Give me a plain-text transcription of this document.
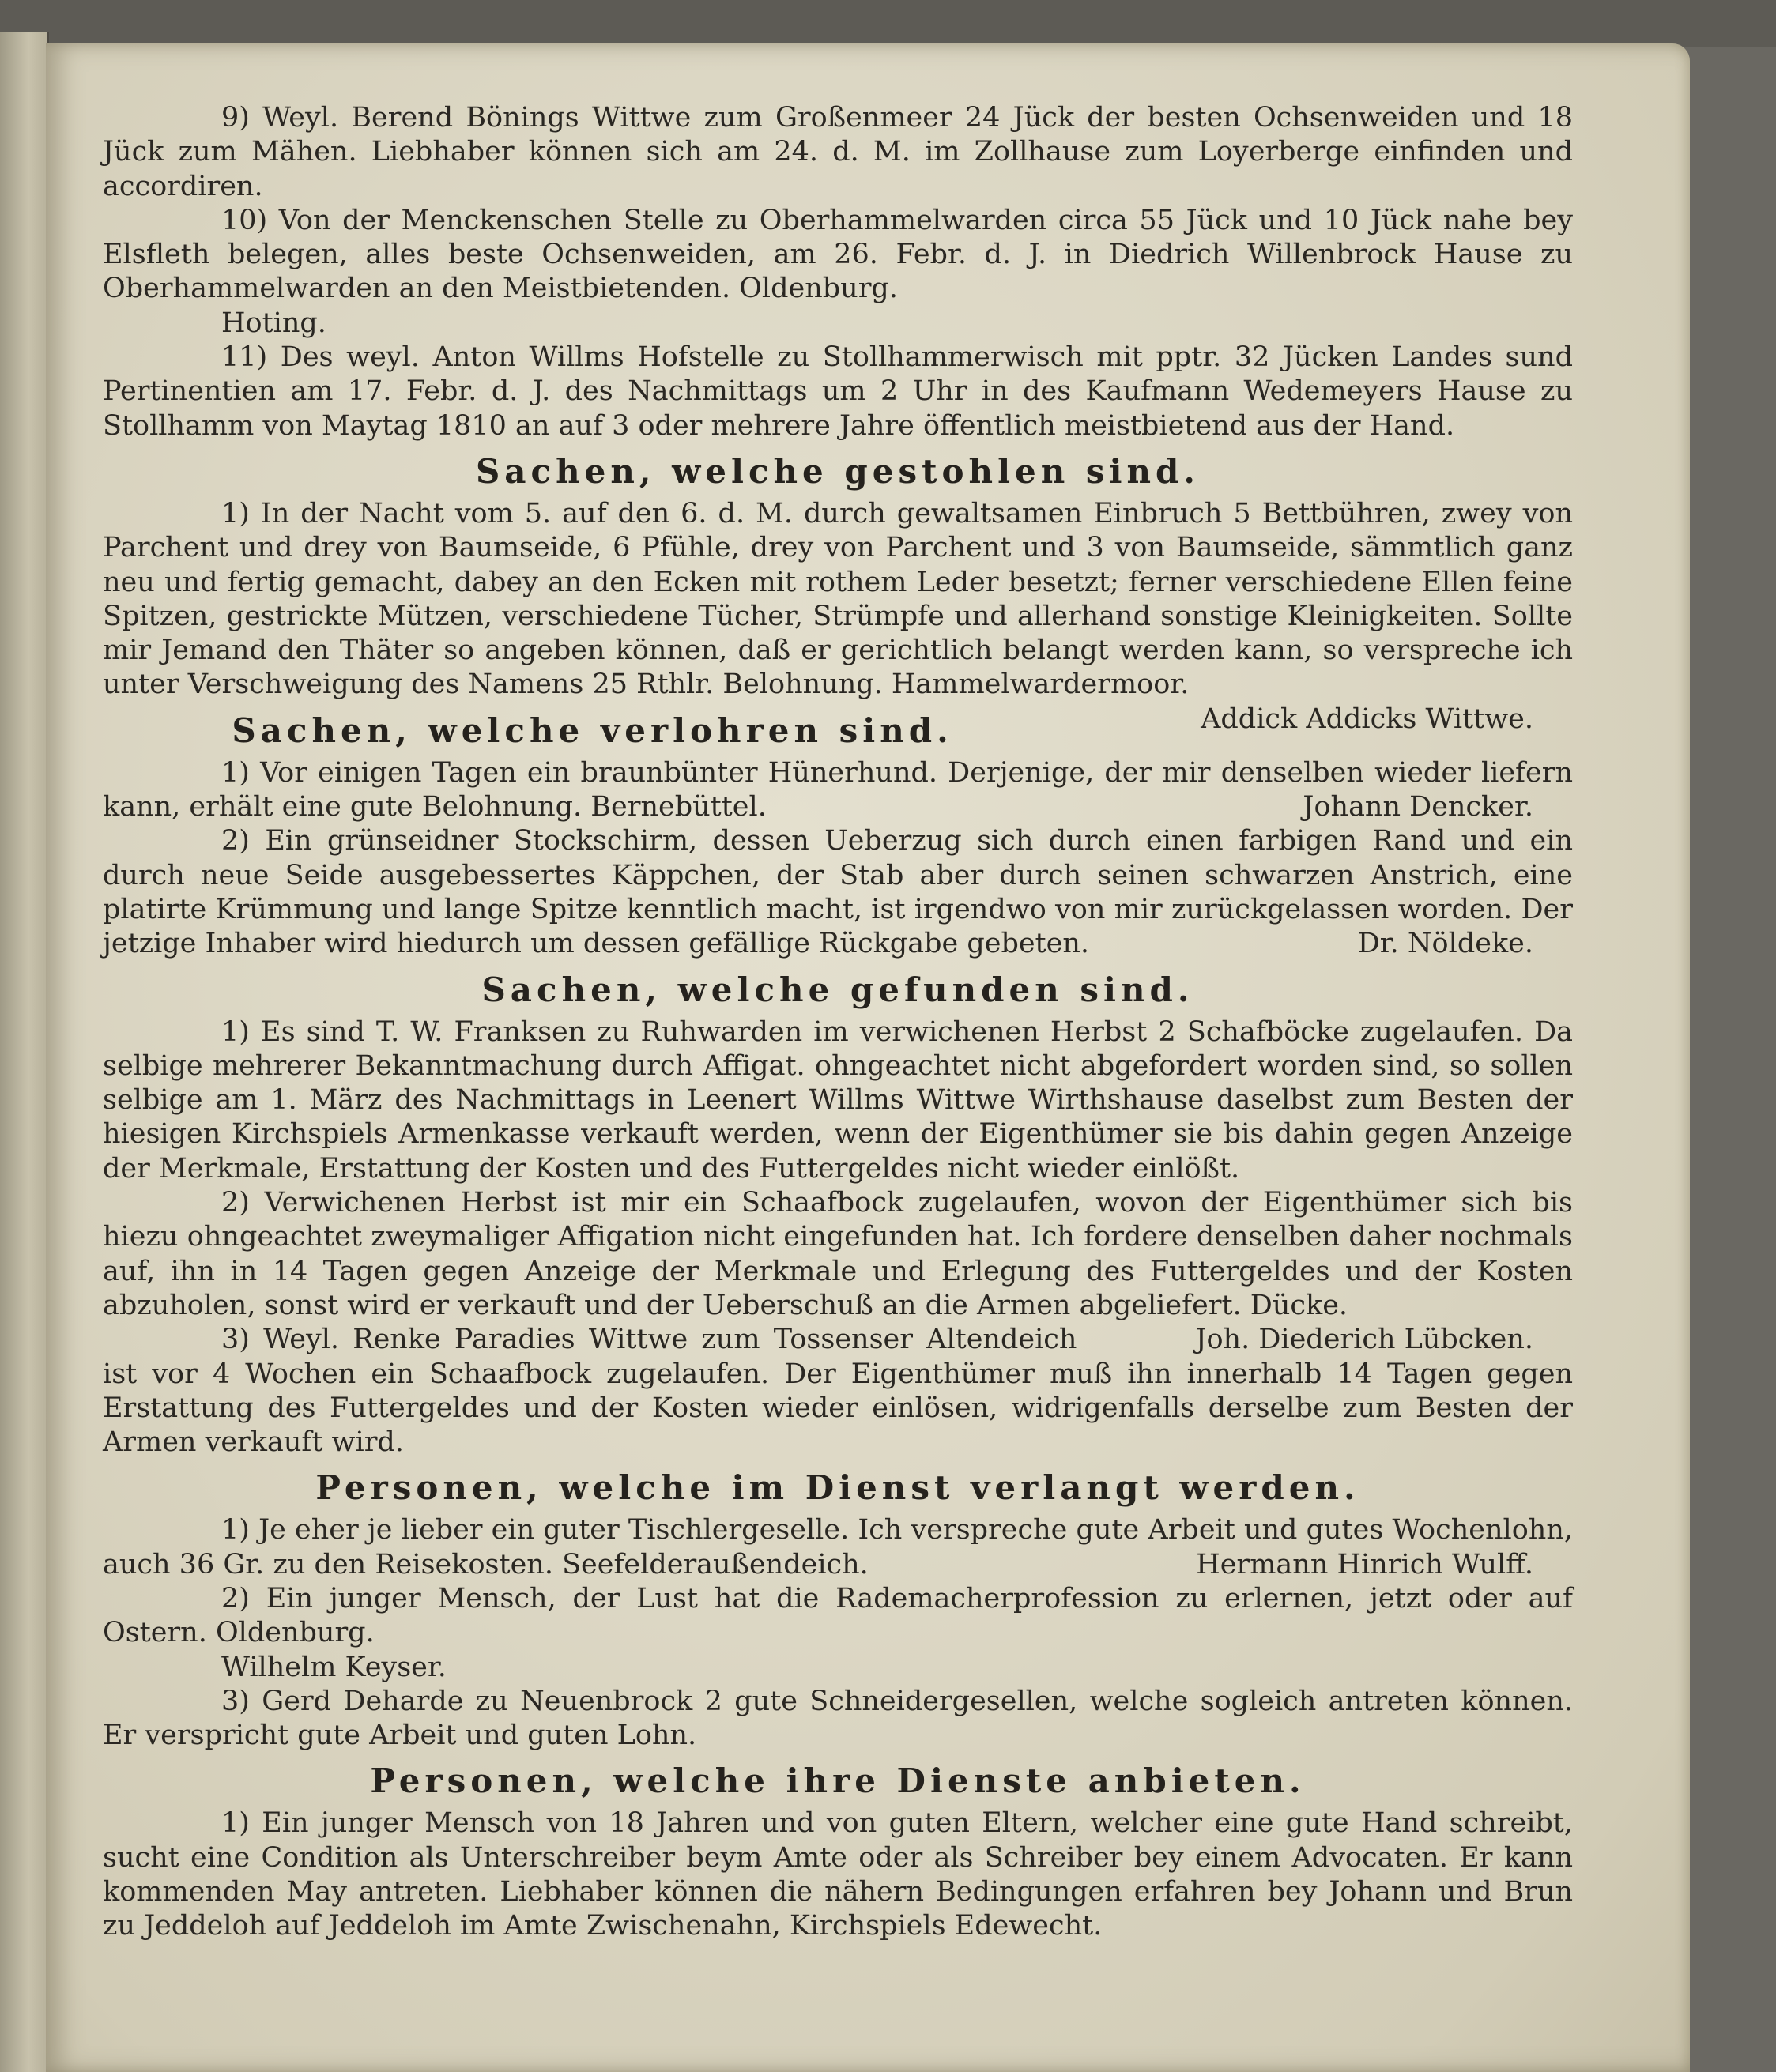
9) Weyl. Berend Bönings Wittwe zum Großenmeer 24 Jück der besten Ochsenweiden und 18 Jück zum Mähen. Liebhaber können sich am 24. d. M. im Zollhause zum Loyerberge einfinden und accordiren.

10) Von der Menckenschen Stelle zu Oberhammelwarden circa 55 Jück und 10 Jück nahe bey Elsfleth belegen, alles beste Ochsenweiden, am 26. Febr. d. J. in Diedrich Willenbrock Hause zu Oberhammelwarden an den Meistbietenden. Oldenburg.
Hoting.

11) Des weyl. Anton Willms Hofstelle zu Stollhammerwisch mit pptr. 32 Jücken Landes sund Pertinentien am 17. Febr. d. J. des Nachmittags um 2 Uhr in des Kaufmann Wedemeyers Hause zu Stollhamm von Maytag 1810 an auf 3 oder mehrere Jahre öffentlich meistbietend aus der Hand.

Sachen, welche gestohlen sind.

1) In der Nacht vom 5. auf den 6. d. M. durch gewaltsamen Einbruch 5 Bettbühren, zwey von Parchent und drey von Baumseide, 6 Pfühle, drey von Parchent und 3 von Baumseide, sämmtlich ganz neu und fertig gemacht, dabey an den Ecken mit rothem Leder besetzt; ferner verschiedene Ellen feine Spitzen, gestrickte Mützen, verschiedene Tücher, Strümpfe und allerhand sonstige Kleinigkeiten. Sollte mir Jemand den Thäter so angeben können, daß er gerichtlich belangt werden kann, so verspreche ich unter Verschweigung des Namens 25 Rthlr. Belohnung. Hammelwardermoor.
Addick Addicks Wittwe.

Sachen, welche verlohren sind.

1) Vor einigen Tagen ein braunbünter Hünerhund. Derjenige, der mir denselben wieder liefern kann, erhält eine gute Belohnung. Bernebüttel.	Johann Dencker.

2) Ein grünseidner Stockschirm, dessen Ueberzug sich durch einen farbigen Rand und ein durch neue Seide ausgebessertes Käppchen, der Stab aber durch seinen schwarzen Anstrich, eine platirte Krümmung und lange Spitze kenntlich macht, ist irgendwo von mir zurückgelassen worden. Der jetzige Inhaber wird hiedurch um dessen gefällige Rückgabe gebeten.	Dr. Nöldeke.

Sachen, welche gefunden sind.

1) Es sind T. W. Franksen zu Ruhwarden im verwichenen Herbst 2 Schafböcke zugelaufen. Da selbige mehrerer Bekanntmachung durch Affigat. ohngeachtet nicht abgefordert worden sind, so sollen selbige am 1. März des Nachmittags in Leenert Willms Wittwe Wirthshause daselbst zum Besten der hiesigen Kirchspiels Armenkasse verkauft werden, wenn der Eigenthümer sie bis dahin gegen Anzeige der Merkmale, Erstattung der Kosten und des Futtergeldes nicht wieder einlößt.

2) Verwichenen Herbst ist mir ein Schaafbock zugelaufen, wovon der Eigenthümer sich bis hiezu ohngeachtet zweymaliger Affigation nicht eingefunden hat. Ich fordere denselben daher nochmals auf, ihn in 14 Tagen gegen Anzeige der Merkmale und Erlegung des Futtergeldes und der Kosten abzuholen, sonst wird er verkauft und der Ueberschuß an die Armen abgeliefert. Dücke.
Joh. Diederich Lübcken.

3) Weyl. Renke Paradies Wittwe zum Tossenser Altendeich ist vor 4 Wochen ein Schaafbock zugelaufen. Der Eigenthümer muß ihn innerhalb 14 Tagen gegen Erstattung des Futtergeldes und der Kosten wieder einlösen, widrigenfalls derselbe zum Besten der Armen verkauft wird.

Personen, welche im Dienst verlangt werden.

1) Je eher je lieber ein guter Tischlergeselle. Ich verspreche gute Arbeit und gutes Wochenlohn, auch 36 Gr. zu den Reisekosten. Seefelderaußendeich.	Hermann Hinrich Wulff.

2) Ein junger Mensch, der Lust hat die Rademacherprofession zu erlernen, jetzt oder auf Ostern. Oldenburg.
Wilhelm Keyser.

3) Gerd Deharde zu Neuenbrock 2 gute Schneidergesellen, welche sogleich antreten können. Er verspricht gute Arbeit und guten Lohn.

Personen, welche ihre Dienste anbieten.

1) Ein junger Mensch von 18 Jahren und von guten Eltern, welcher eine gute Hand schreibt, sucht eine Condition als Unterschreiber beym Amte oder als Schreiber bey einem Advocaten. Er kann kommenden May antreten. Liebhaber können die nähern Bedingungen erfahren bey Johann und Brun zu Jeddeloh auf Jeddeloh im Amte Zwischenahn, Kirchspiels Edewecht.
